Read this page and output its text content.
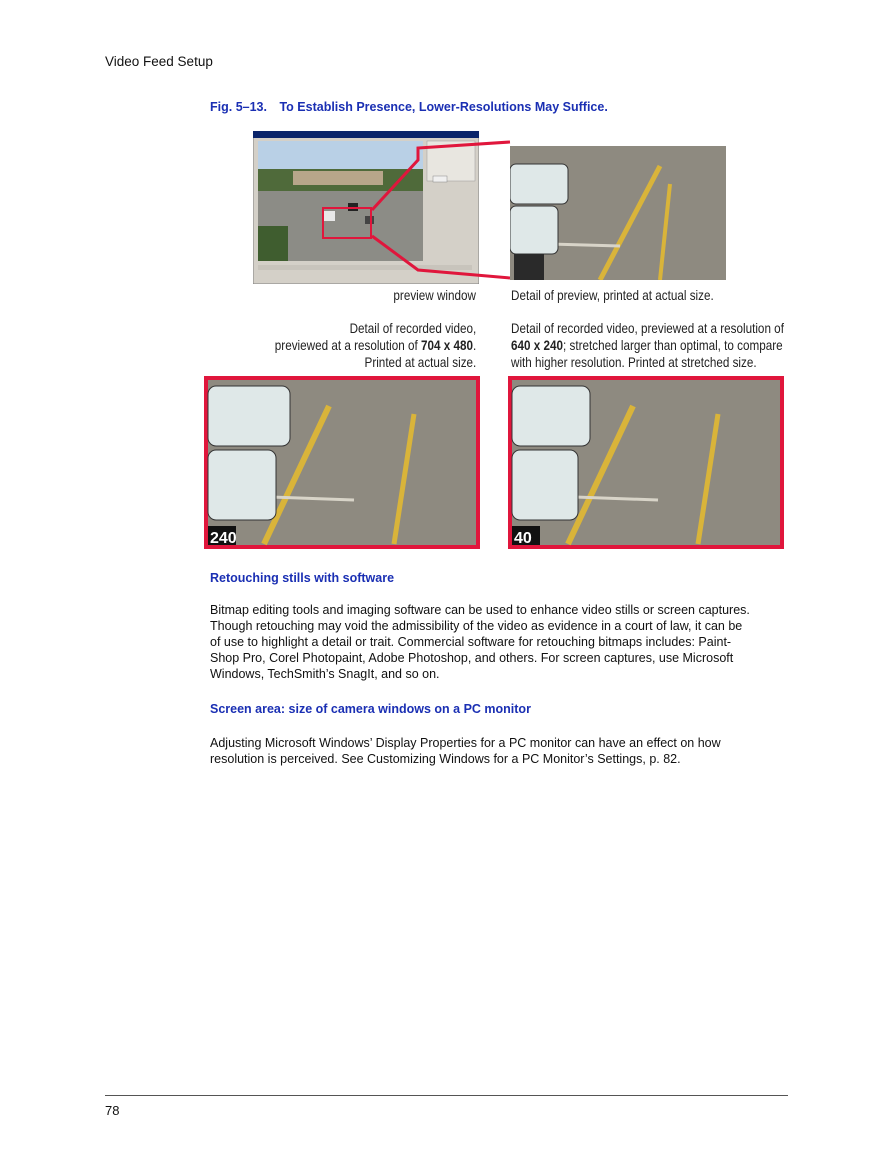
Video Feed Setup
Fig. 5–13. To Establish Presence, Lower-Resolutions May Suffice.
preview window	Detail of preview, printed at actual size.
Detail of recorded video,
previewed at a resolution of 704 x 480.
Printed at actual size.
Detail of recorded video, previewed at a resolution of
640 x 240; stretched larger than optimal, to compare
with higher resolution. Printed at stretched size.
240	40
Retouching stills with software
Bitmap editing tools and imaging software can be used to enhance video stills or screen captures.
Though retouching may void the admissibility of the video as evidence in a court of law, it can be
of use to highlight a detail or trait. Commercial software for retouching bitmaps includes: Paint-
Shop Pro, Corel Photopaint, Adobe Photoshop, and others. For screen captures, use Microsoft
Windows, TechSmith’s SnagIt, and so on.
Screen area: size of camera windows on a PC monitor
Adjusting Microsoft Windows’ Display Properties for a PC monitor can have an effect on how
resolution is perceived. See Customizing Windows for a PC Monitor’s Settings, p. 82.
78
